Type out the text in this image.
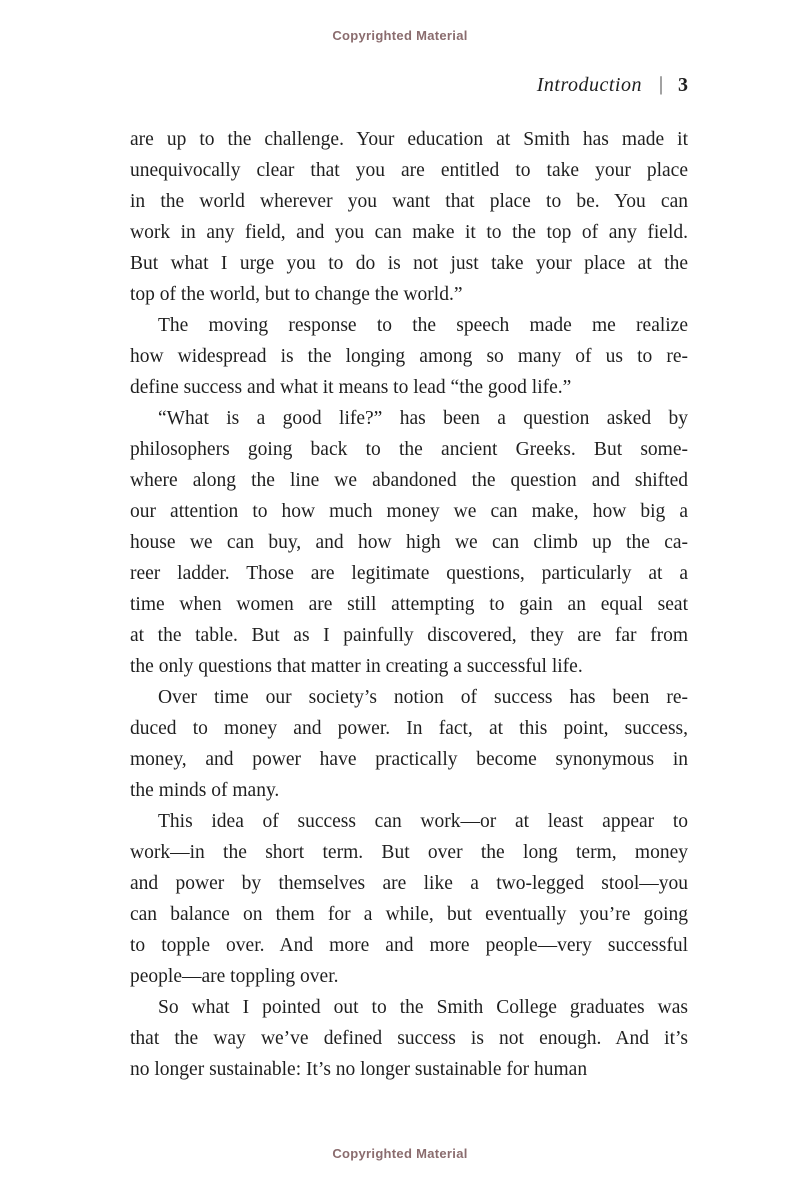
Copyrighted Material
Introduction | 3
are up to the challenge. Your education at Smith has made it
unequivocally clear that you are entitled to take your place
in the world wherever you want that place to be. You can
work in any field, and you can make it to the top of any field.
But what I urge you to do is not just take your place at the
top of the world, but to change the world.”
The moving response to the speech made me realize
how widespread is the longing among so many of us to re-
define success and what it means to lead “the good life.”
“What is a good life?” has been a question asked by
philosophers going back to the ancient Greeks. But some-
where along the line we abandoned the question and shifted
our attention to how much money we can make, how big a
house we can buy, and how high we can climb up the ca-
reer ladder. Those are legitimate questions, particularly at a
time when women are still attempting to gain an equal seat
at the table. But as I painfully discovered, they are far from
the only questions that matter in creating a successful life.
Over time our society’s notion of success has been re-
duced to money and power. In fact, at this point, success,
money, and power have practically become synonymous in
the minds of many.
This idea of success can work—or at least appear to
work—in the short term. But over the long term, money
and power by themselves are like a two-legged stool—you
can balance on them for a while, but eventually you’re going
to topple over. And more and more people—very successful
people—are toppling over.
So what I pointed out to the Smith College graduates was
that the way we’ve defined success is not enough. And it’s
no longer sustainable: It’s no longer sustainable for human
Copyrighted Material
